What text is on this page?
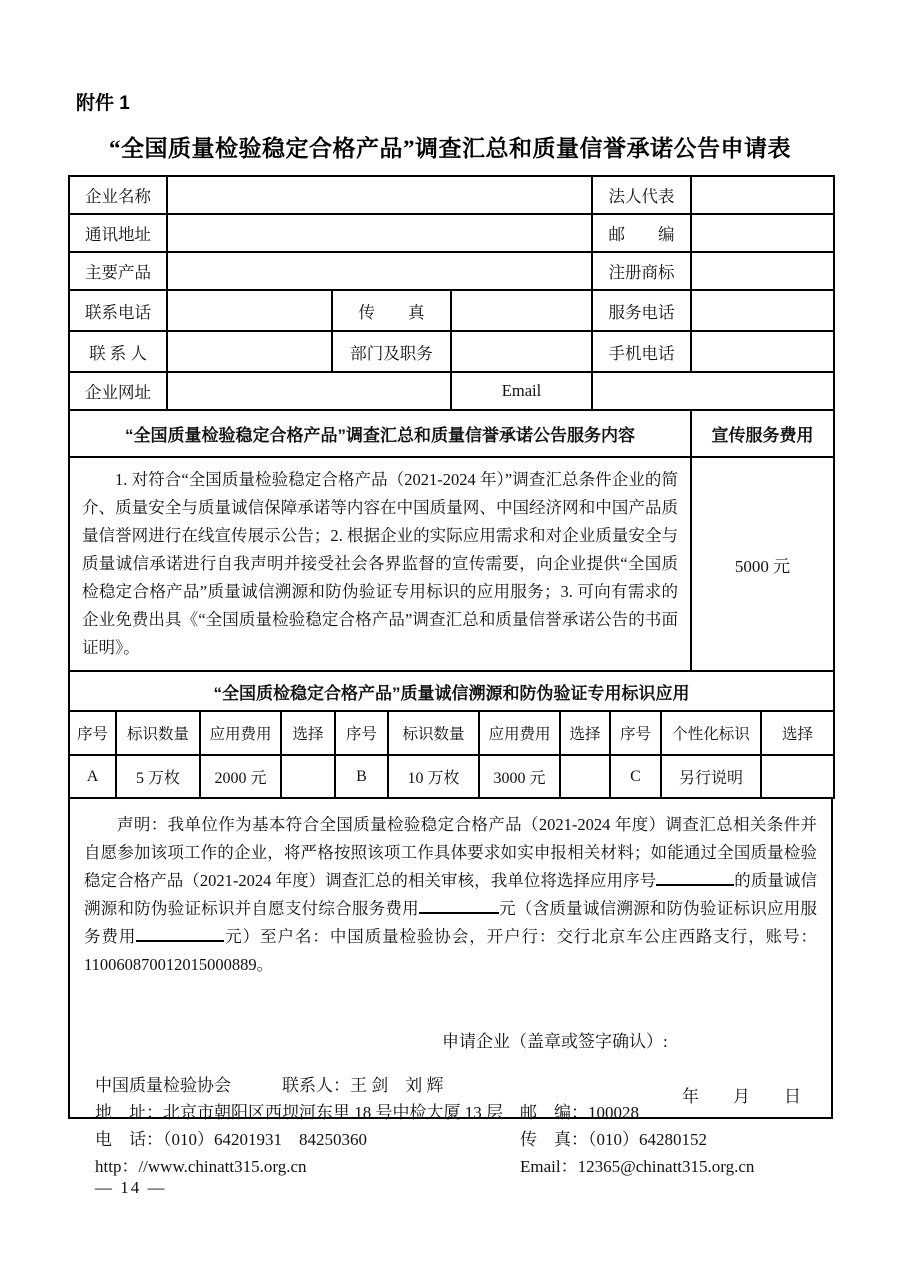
附件 1
“全国质量检验稳定合格产品”调查汇总和质量信誉承诺公告申请表
企业名称				法人代表	
通讯地址				邮　　编	
主要产品				注册商标	
联系电话		传　　真		服务电话	
联 系 人		部门及职务		手机电话	
企业网址			Email		
“全国质量检验稳定合格产品”调查汇总和质量信誉承诺公告服务内容					宣传服务费用

1. 对符合“全国质量检验稳定合格产品（2021-2024 年）”调查汇总条件企业的简介、质量安全与质量诚信保障承诺等内容在中国质量网、中国经济网和中国产品质量信誉网进行在线宣传展示公告；2. 根据企业的实际应用需求和对企业质量安全与质量诚信承诺进行自我声明并接受社会各界监督的宣传需要，向企业提供“全国质检稳定合格产品”质量诚信溯源和防伪验证专用标识的应用服务；3. 可向有需求的企业免费出具《“全国质量检验稳定合格产品”调查汇总和质量信誉承诺公告的书面证明》。					5000 元
“全国质检稳定合格产品”质量诚信溯源和防伪验证专用标识应用										
序号	标识数量	应用费用	选择	序号	标识数量	应用费用	选择	序号	个性化标识	选择
A	5 万枚	2000 元		B	10 万枚	3000 元		C	另行说明	
声明：我单位作为基本符合全国质量检验稳定合格产品（2021-2024 年度）调查汇总相关条件并自愿参加该项工作的企业，将严格按照该项工作具体要求如实申报相关材料；如能通过全国质量检验稳定合格产品（2021-2024 年度）调查汇总的相关审核，我单位将选择应用序号	的质量诚信溯源和防伪验证标识并自愿支付综合服务费用	元（含质量诚信溯源和防伪验证标识应用服务费用	元）至户名：中国质量检验协会，开户行：交行北京车公庄西路支行，账号：110060870012015000889。
申请企业（盖章或签字确认）:
年　　月　　日
中国质量检验协会	联系人：王 剑　刘 辉
地　址：北京市朝阳区西坝河东里 18 号中检大厦 13 层 邮　编：100028
电　话：（010）64201931　84250360	传　真：（010）64280152
http：//www.chinatt315.org.cn	Email：12365@chinatt315.org.cn
— 14 —
